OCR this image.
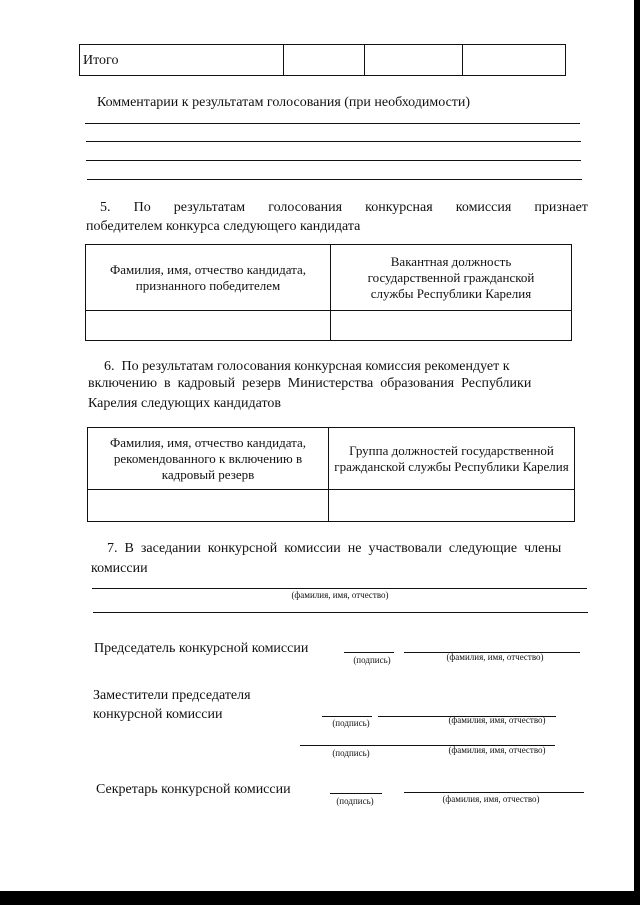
Итого			
Комментарии к результатам голосования (при необходимости)
5. По результатам голосования конкурсная комиссия признает
победителем конкурса следующего кандидата
Фамилия, имя, отчество кандидата, признанного победителем	Вакантная должность государственной гражданской службы Республики Карелия

6.  По результатам голосования конкурсная комиссия рекомендует к
включению  в  кадровый  резерв  Министерства  образования  Республики
Карелия следующих кандидатов
Фамилия, имя, отчество кандидата, рекомендованного к включению в кадровый резерв	Группа должностей государственной гражданской службы Республики Карелия

7.  В  заседании  конкурсной  комиссии  не  участвовали  следующие  члены
комиссии
(фамилия, имя, отчество)
Председатель конкурсной комиссии
(подпись)	(фамилия, имя, отчество)
Заместители председателя
конкурсной комиссии
(подпись)	(фамилия, имя, отчество)
(подпись)	(фамилия, имя, отчество)
Секретарь конкурсной комиссии
(подпись)	(фамилия, имя, отчество)
